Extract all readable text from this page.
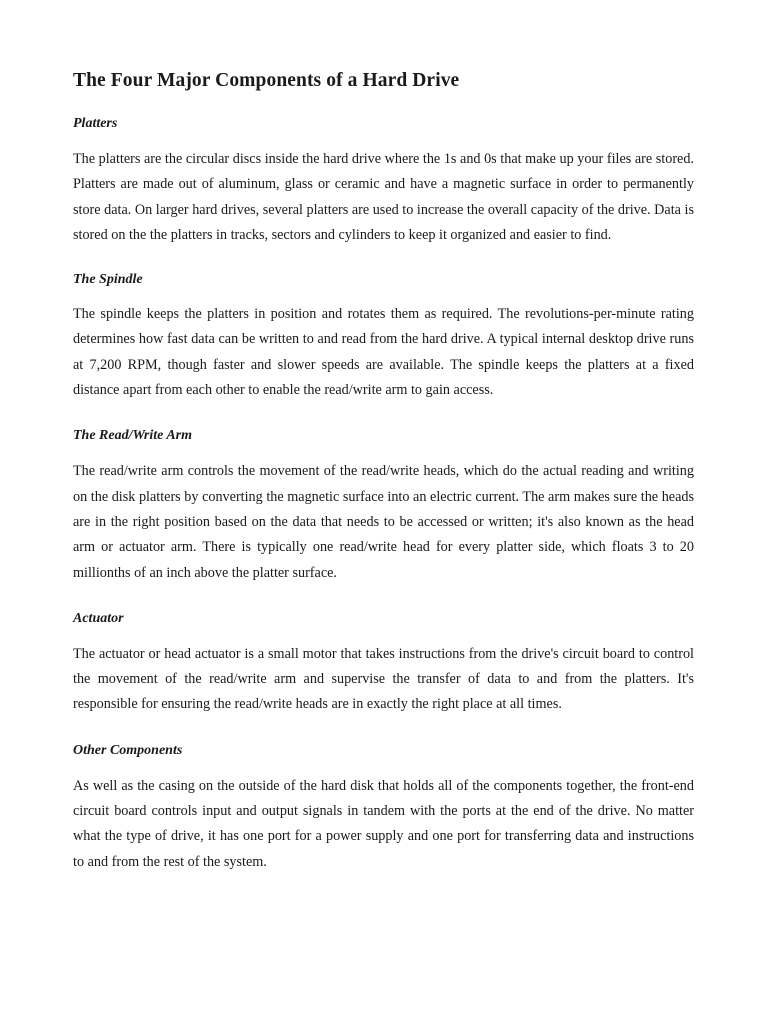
The Four Major Components of a Hard Drive
Platters

The platters are the circular discs inside the hard drive where the 1s and 0s that make up your files are stored. Platters are made out of aluminum, glass or ceramic and have a magnetic surface in order to permanently store data. On larger hard drives, several platters are used to increase the overall capacity of the drive. Data is stored on the the platters in tracks, sectors and cylinders to keep it organized and easier to find.

The Spindle

The spindle keeps the platters in position and rotates them as required. The revolutions-per-minute rating determines how fast data can be written to and read from the hard drive. A typical internal desktop drive runs at 7,200 RPM, though faster and slower speeds are available. The spindle keeps the platters at a fixed distance apart from each other to enable the read/write arm to gain access.

The Read/Write Arm

The read/write arm controls the movement of the read/write heads, which do the actual reading and writing on the disk platters by converting the magnetic surface into an electric current. The arm makes sure the heads are in the right position based on the data that needs to be accessed or written; it's also known as the head arm or actuator arm. There is typically one read/write head for every platter side, which floats 3 to 20 millionths of an inch above the platter surface.

Actuator

The actuator or head actuator is a small motor that takes instructions from the drive's circuit board to control the movement of the read/write arm and supervise the transfer of data to and from the platters. It's responsible for ensuring the read/write heads are in exactly the right place at all times.

Other Components

As well as the casing on the outside of the hard disk that holds all of the components together, the front-end circuit board controls input and output signals in tandem with the ports at the end of the drive. No matter what the type of drive, it has one port for a power supply and one port for transferring data and instructions to and from the rest of the system.
